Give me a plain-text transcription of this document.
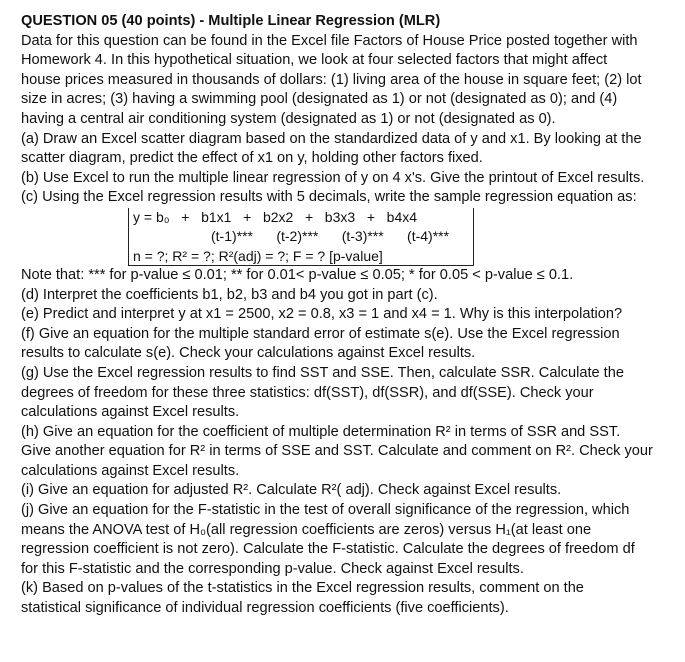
QUESTION 05 (40 points) - Multiple Linear Regression (MLR)
Data for this question can be found in the Excel file Factors of House Price posted together with
Homework 4. In this hypothetical situation, we look at four selected factors that might affect
house prices measured in thousands of dollars: (1) living area of the house in square feet; (2) lot
size in acres; (3) having a swimming pool (designated as 1) or not (designated as 0); and (4)
having a central air conditioning system (designated as 1) or not (designated as 0).
(a) Draw an Excel scatter diagram based on the standardized data of y and x1. By looking at the
scatter diagram, predict the effect of x1 on y, holding other factors fixed.
(b) Use Excel to run the multiple linear regression of y on 4 x's. Give the printout of Excel results.
(c) Using the Excel regression results with 5 decimals, write the sample regression equation as:
y = b₀   +   b1x1   +   b2x2   +   b3x3   +   b4x4
(t-1)***      (t-2)***      (t-3)***      (t-4)***
n = ?; R² = ?; R²(adj) = ?; F = ? [p-value]
Note that: *** for p-value ≤ 0.01; ** for 0.01< p-value ≤ 0.05; * for 0.05 < p-value ≤ 0.1.
(d) Interpret the coefficients b1, b2, b3 and b4 you got in part (c).
(e) Predict and interpret y at x1 = 2500, x2 = 0.8, x3 = 1 and x4 = 1. Why is this interpolation?
(f) Give an equation for the multiple standard error of estimate s(e). Use the Excel regression
results to calculate s(e). Check your calculations against Excel results.
(g) Use the Excel regression results to find SST and SSE. Then, calculate SSR. Calculate the
degrees of freedom for these three statistics: df(SST), df(SSR), and df(SSE). Check your
calculations against Excel results.
(h) Give an equation for the coefficient of multiple determination R² in terms of SSR and SST.
Give another equation for R² in terms of SSE and SST. Calculate and comment on R². Check your
calculations against Excel results.
(i) Give an equation for adjusted R². Calculate R²( adj). Check against Excel results.
(j) Give an equation for the F-statistic in the test of overall significance of the regression, which
means the ANOVA test of H₀(all regression coefficients are zeros) versus H₁(at least one
regression coefficient is not zero). Calculate the F-statistic. Calculate the degrees of freedom df
for this F-statistic and the corresponding p-value. Check against Excel results.
(k) Based on p-values of the t-statistics in the Excel regression results, comment on the
statistical significance of individual regression coefficients (five coefficients).
